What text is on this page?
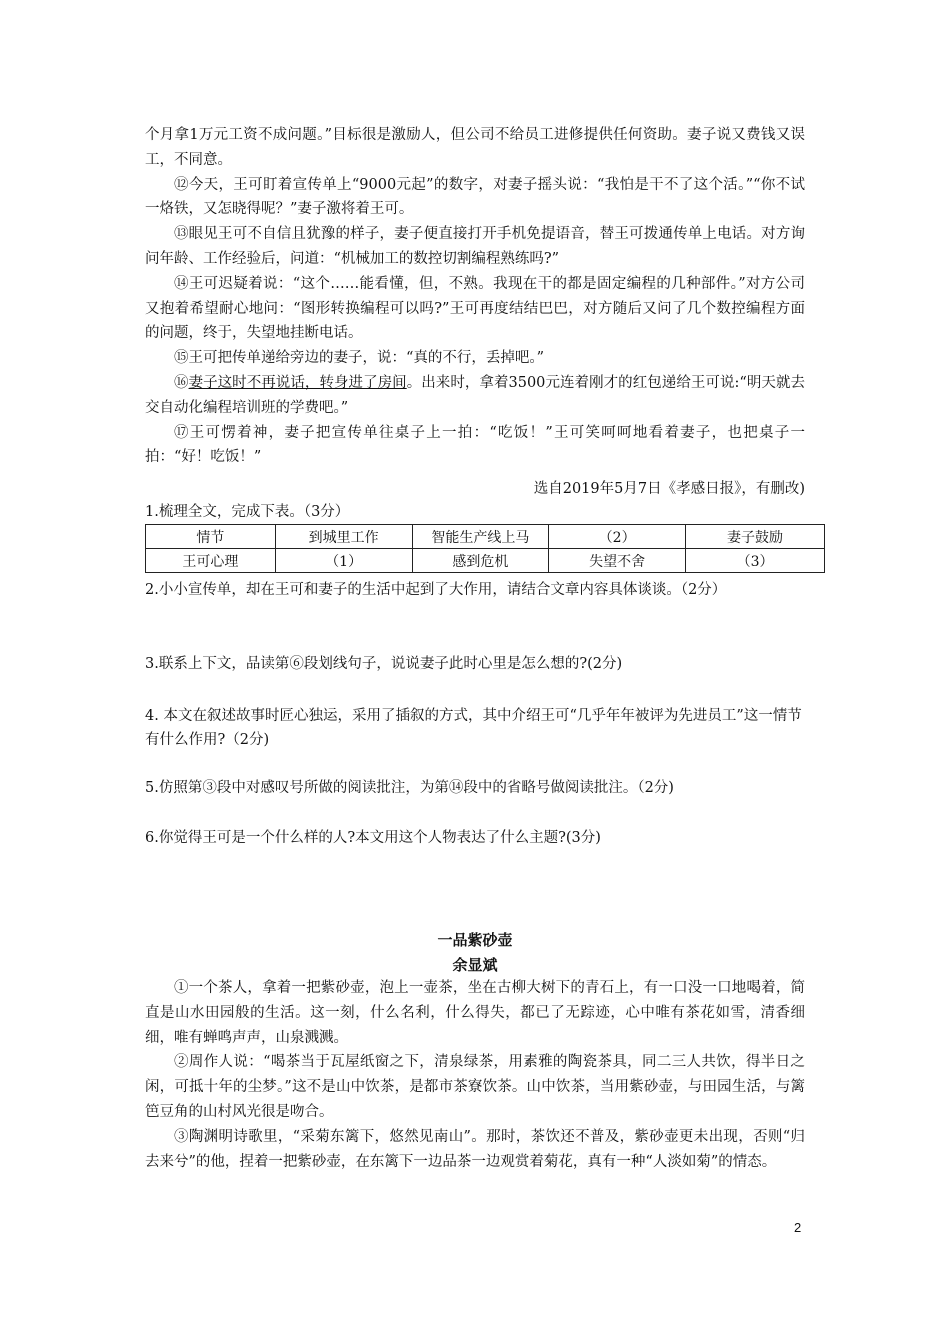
个月拿1万元工资不成问题。”目标很是激励人，但公司不给员工进修提供任何资助。妻子说又费钱又误工，不同意。

⑫今天，王可盯着宣传单上“9000元起”的数字，对妻子摇头说：“我怕是干不了这个活。”“你不试一烙铁，又怎晓得呢？”妻子激将着王可。

⑬眼见王可不自信且犹豫的样子，妻子便直接打开手机免提语音，替王可拨通传单上电话。对方询问年龄、工作经验后，问道：“机械加工的数控切割编程熟练吗?”

⑭王可迟疑着说：“这个……能看懂，但，不熟。我现在干的都是固定编程的几种部件。”对方公司又抱着希望耐心地问：“图形转换编程可以吗?”王可再度结结巴巴，对方随后又问了几个数控编程方面的问题，终于，失望地挂断电话。

⑮王可把传单递给旁边的妻子，说：“真的不行，丢掉吧。”

⑯妻子这时不再说话，转身进了房间。出来时，拿着3500元连着刚才的红包递给王可说:“明天就去交自动化编程培训班的学费吧。”

⑰王可愣着神，妻子把宣传单往桌子上一拍：“吃饭！”王可笑呵呵地看着妻子，也把桌子一拍：“好！吃饭！”

选自2019年5月7日《孝感日报》，有删改)

1.梳理全文，完成下表。（3分）

情节	到城里工作	智能生产线上马	（2）	妻子鼓励
王可心理	（1）	感到危机	失望不舍	（3）

2.小小宣传单，却在王可和妻子的生活中起到了大作用，请结合文章内容具体谈谈。（2分）

3.联系上下文，品读第⑥段划线句子，说说妻子此时心里是怎么想的?(2分)

4. 本文在叙述故事时匠心独运，采用了插叙的方式，其中介绍王可“几乎年年被评为先进员工”这一情节有什么作用?（2分)

5.仿照第③段中对感叹号所做的阅读批注，为第⑭段中的省略号做阅读批注。（2分)

6.你觉得王可是一个什么样的人?本文用这个人物表达了什么主题?(3分)

一品紫砂壶
余显斌

①一个茶人，拿着一把紫砂壶，泡上一壶茶，坐在古柳大树下的青石上，有一口没一口地喝着，简直是山水田园般的生活。这一刻，什么名利，什么得失，都已了无踪迹，心中唯有茶花如雪，清香细细，唯有蝉鸣声声，山泉溅溅。

②周作人说：“喝茶当于瓦屋纸窗之下，清泉绿茶，用素雅的陶瓷茶具，同二三人共饮，得半日之闲，可抵十年的尘梦。”这不是山中饮茶，是都市茶寮饮茶。山中饮茶，当用紫砂壶，与田园生活，与篱笆豆角的山村风光很是吻合。

③陶渊明诗歌里，“采菊东篱下，悠然见南山”。那时，茶饮还不普及，紫砂壶更未出现，否则“归去来兮”的他，捏着一把紫砂壶，在东篱下一边品茶一边观赏着菊花，真有一种“人淡如菊”的情态。

2
